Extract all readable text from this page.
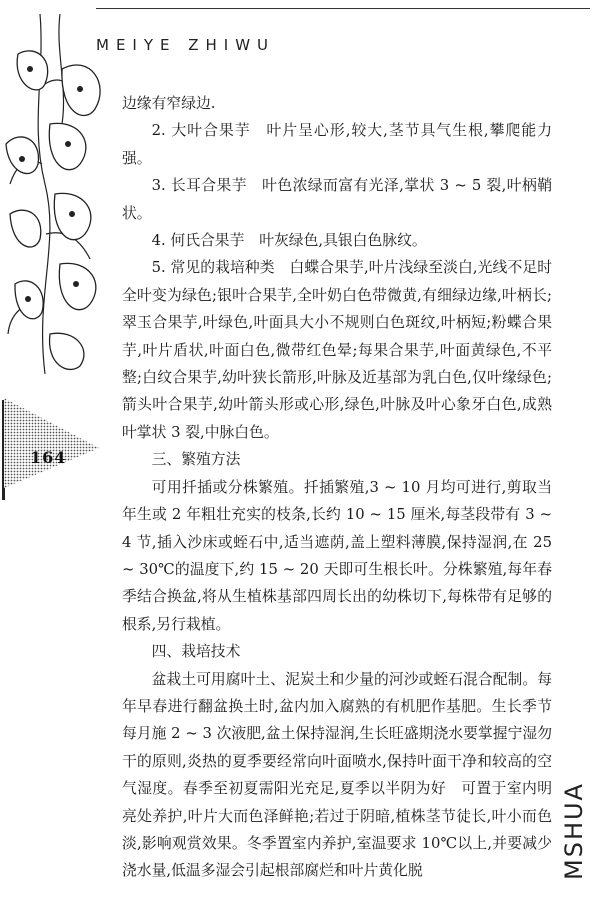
MEIYE ZHIWU
164

边缘有窄绿边.

2. 大叶合果芋　叶片呈心形,较大,茎节具气生根,攀爬能力强。

3. 长耳合果芋　叶色浓绿而富有光泽,掌状 3 ~ 5 裂,叶柄鞘状。

4. 何氏合果芋　叶灰绿色,具银白色脉纹。

5. 常见的栽培种类　白蝶合果芋,叶片浅绿至淡白,光线不足时全叶变为绿色;银叶合果芋,全叶奶白色带微黄,有细绿边缘,叶柄长;翠玉合果芋,叶绿色,叶面具大小不规则白色斑纹,叶柄短;粉蝶合果芋,叶片盾状,叶面白色,微带红色晕;每果合果芋,叶面黄绿色,不平整;白纹合果芋,幼叶狭长箭形,叶脉及近基部为乳白色,仅叶缘绿色;箭头叶合果芋,幼叶箭头形或心形,绿色,叶脉及叶心象牙白色,成熟叶掌状 3 裂,中脉白色。

三、繁殖方法

可用扦插或分株繁殖。扦插繁殖,3 ~ 10 月均可进行,剪取当年生或 2 年粗壮充实的枝条,长约 10 ~ 15 厘米,每茎段带有 3 ~ 4 节,插入沙床或蛭石中,适当遮荫,盖上塑料薄膜,保持湿润,在 25 ~ 30℃的温度下,约 15 ~ 20 天即可生根长叶。分株繁殖,每年春季结合换盆,将从生植株基部四周长出的幼株切下,每株带有足够的根系,另行栽植。

四、栽培技术

盆栽土可用腐叶土、泥炭土和少量的河沙或蛭石混合配制。每年早春进行翻盆换土时,盆内加入腐熟的有机肥作基肥。生长季节每月施 2 ~ 3 次液肥,盆土保持湿润,生长旺盛期浇水要掌握宁湿勿干的原则,炎热的夏季要经常向叶面喷水,保持叶面干净和较高的空气湿度。春季至初夏需阳光充足,夏季以半阴为好　可置于室内明亮处养护,叶片大而色泽鲜艳;若过于阴暗,植株茎节徒长,叶小而色淡,影响观赏效果。冬季置室内养护,室温要求 10℃以上,并要减少浇水量,低温多湿会引起根部腐烂和叶片黄化脱	MSHUA
